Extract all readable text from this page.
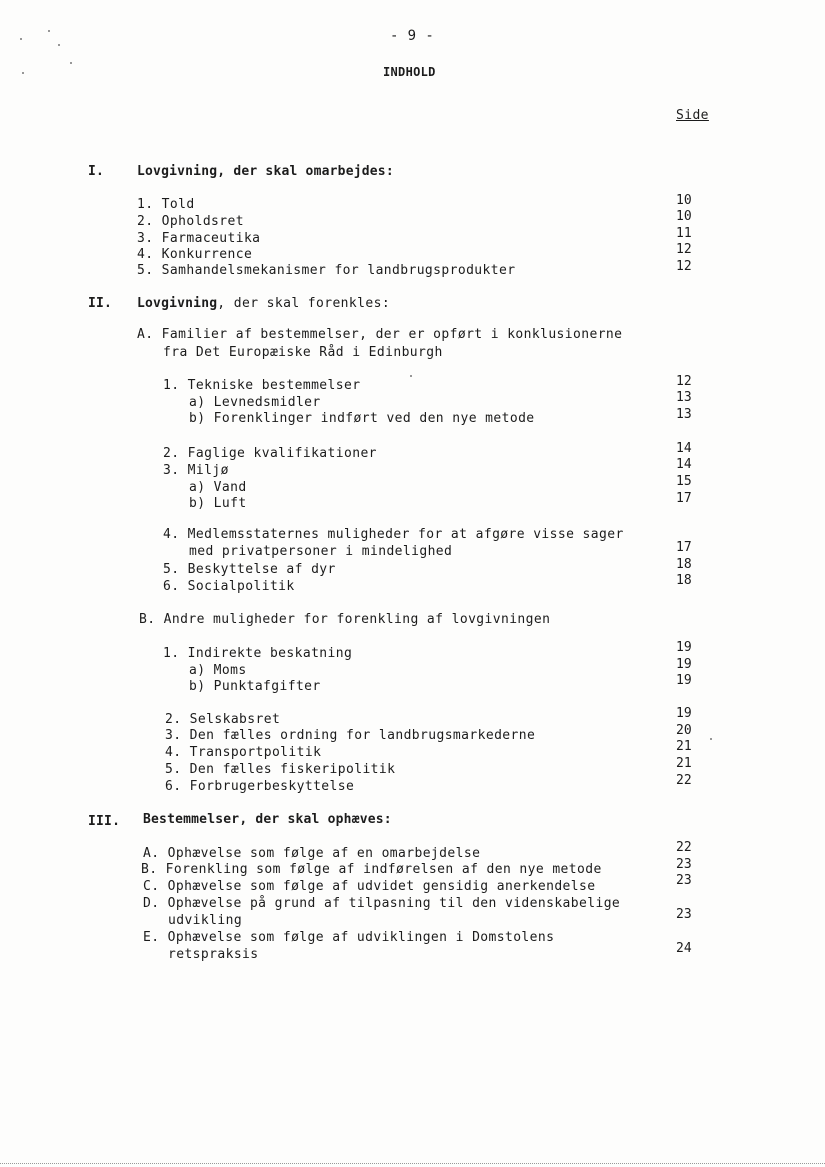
- 9 -
INDHOLD
Side
I.	Lovgivning, der skal omarbejdes:
1. Told	10
2. Opholdsret	10
3. Farmaceutika	11
4. Konkurrence	12
5. Samhandelsmekanismer for landbrugsprodukter	12
II. Lovgivning, der skal forenkles:
A. Familier af bestemmelser, der er opført i konklusionerne
fra Det Europæiske Råd i Edinburgh
1. Tekniske bestemmelser	12
a) Levnedsmidler	13
b) Forenklinger indført ved den nye metode	13
2. Faglige kvalifikationer	14
3. Miljø	14
a) Vand	15
b) Luft	17
4. Medlemsstaternes muligheder for at afgøre visse sager
med privatpersoner i mindelighed	17
5. Beskyttelse af dyr	18
6. Socialpolitik	18
B. Andre muligheder for forenkling af lovgivningen
1. Indirekte beskatning	19
a) Moms	19
b) Punktafgifter	19
2. Selskabsret	19
3. Den fælles ordning for landbrugsmarkederne	20
4. Transportpolitik	21
5. Den fælles fiskeripolitik	21
6. Forbrugerbeskyttelse	22
III. Bestemmelser, der skal ophæves:
A. Ophævelse som følge af en omarbejdelse	22
B. Forenkling som følge af indførelsen af den nye metode	23
C. Ophævelse som følge af udvidet gensidig anerkendelse	23
D. Ophævelse på grund af tilpasning til den videnskabelige
udvikling	23
E. Ophævelse som følge af udviklingen i Domstolens
retspraksis	24
